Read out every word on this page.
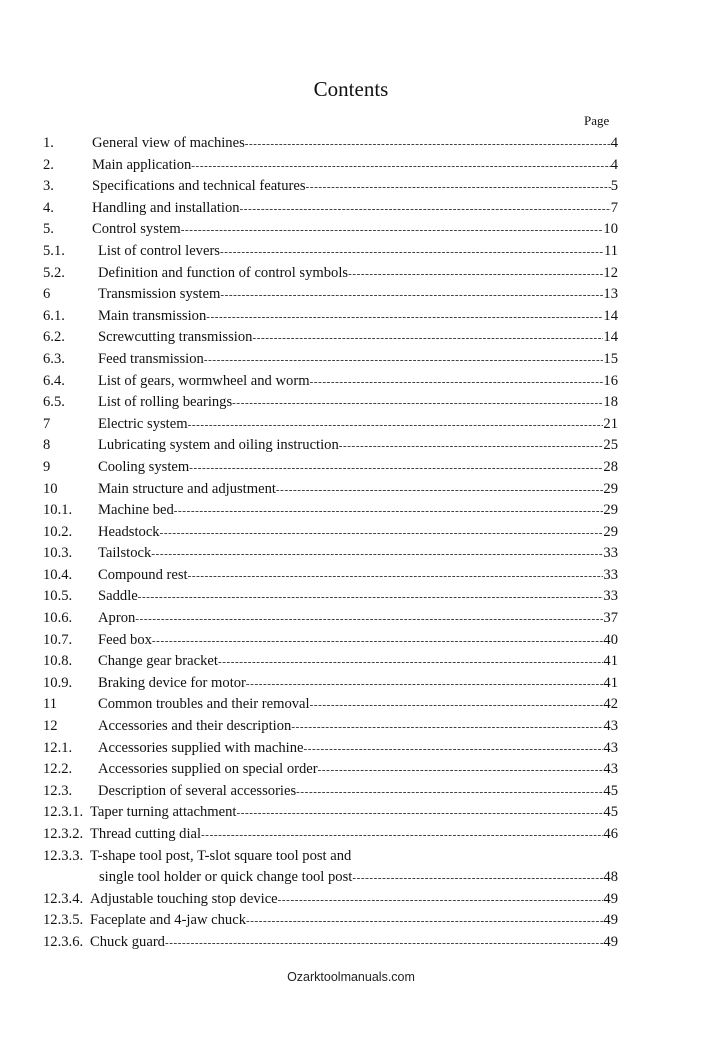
Contents
Page
1.	General view of machines -----	4
2.	Main application -----	4
3.	Specifications and technical features -----	5
4.	Handling and installation -----	7
5.	Control system -----	10
5.1. List of control levers -----	11
5.2. Definition and function of control symbols -----	12
6	Transmission system -----	13
6.1. Main transmission -----	14
6.2. Screwcutting transmission -----	14
6.3. Feed transmission -----	15
6.4. List of gears, wormwheel and worm -----	16
6.5. List of rolling bearings -----	18
7	Electric system -----	21
8	Lubricating system and oiling instruction -----	25
9	Cooling system -----	28
10	Main structure and adjustment -----	29
10.1. Machine bed -----	29
10.2. Headstock -----	29
10.3. Tailstock -----	33
10.4. Compound rest -----	33
10.5. Saddle -----	33
10.6. Apron -----	37
10.7. Feed box -----	40
10.8. Change gear bracket -----	41
10.9. Braking device for motor -----	41
11	Common troubles and their removal -----	42
12	Accessories and their description -----	43
12.1. Accessories supplied with machine -----	43
12.2. Accessories supplied on special order -----	43
12.3. Description of several accessories -----	45
12.3.1. Taper turning attachment -----	45
12.3.2. Thread cutting dial -----	46
12.3.3. T-shape tool post, T-slot square tool post and
single tool holder or quick change tool post -----	48
12.3.4. Adjustable touching stop device -----	49
12.3.5. Faceplate and 4-jaw chuck -----	49
12.3.6. Chuck guard -----	49
Ozarktoolmanuals.com
